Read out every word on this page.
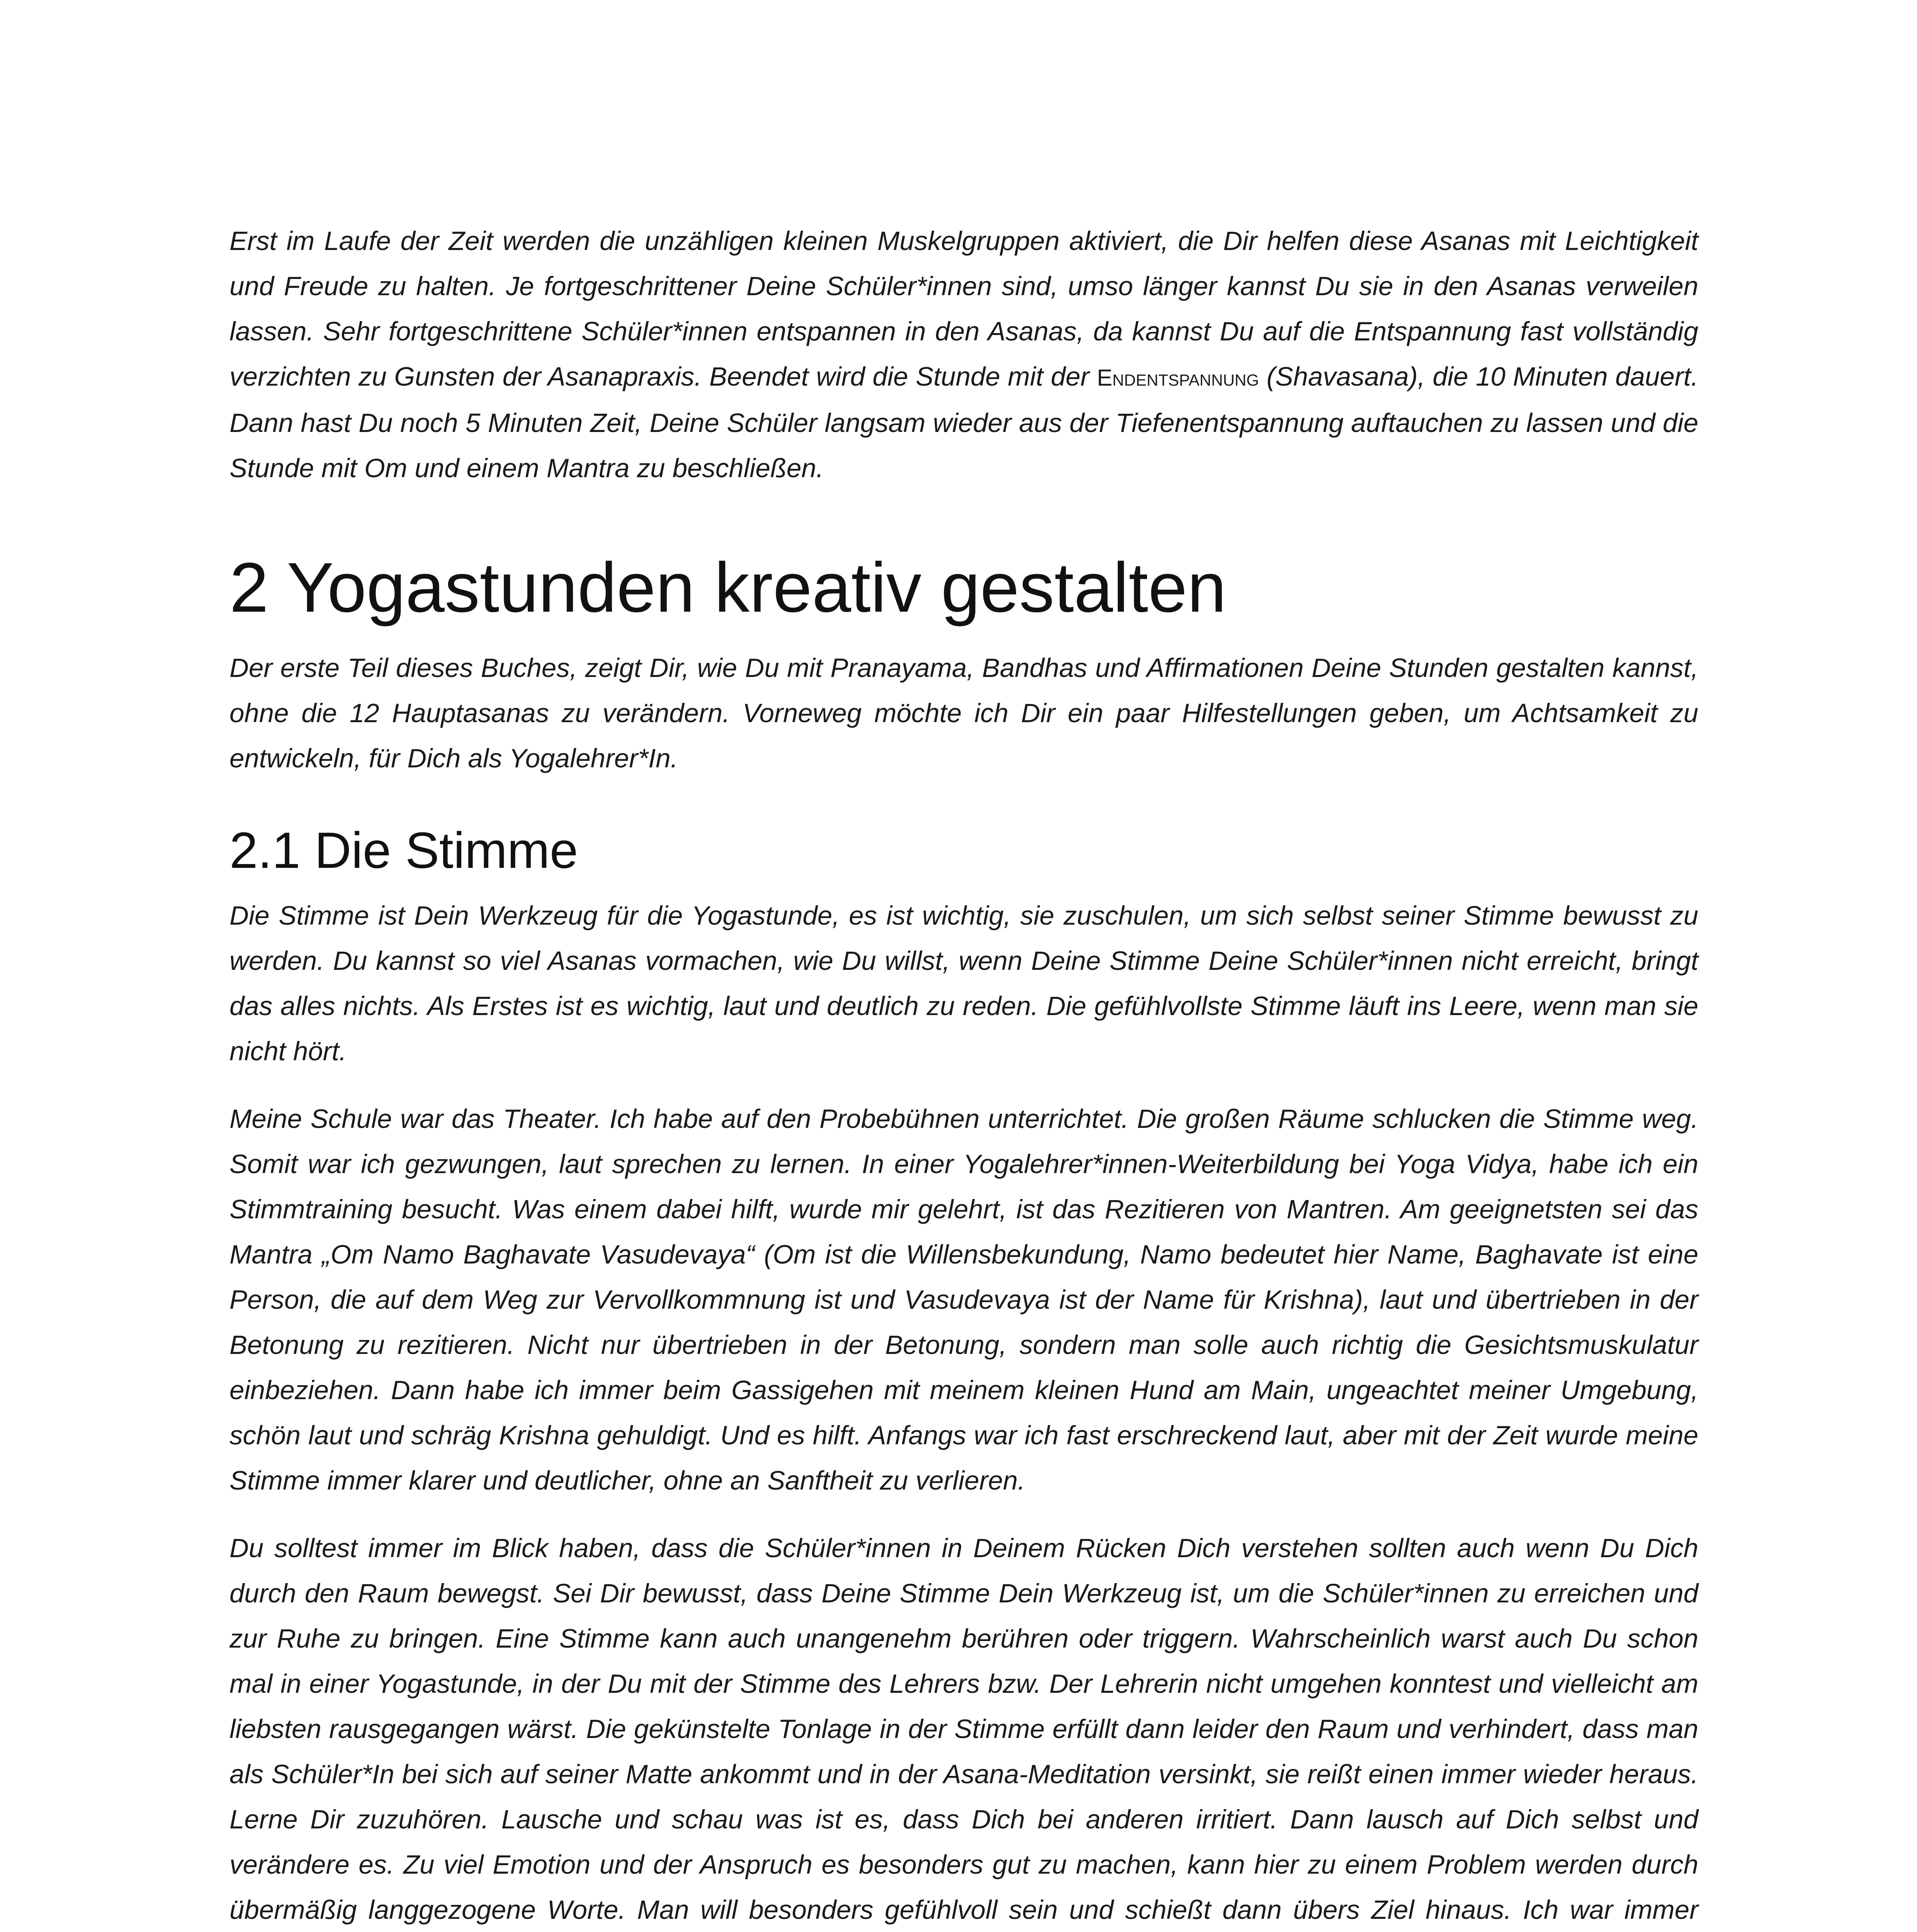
Erst im Laufe der Zeit werden die unzähligen kleinen Muskelgruppen aktiviert, die Dir helfen diese Asanas mit Leichtigkeit und Freude zu halten. Je fortgeschrittener Deine Schüler*innen sind, umso länger kannst Du sie in den Asanas verweilen lassen. Sehr fortgeschrittene Schüler*innen entspannen in den Asanas, da kannst Du auf die Entspannung fast vollständig verzichten zu Gunsten der Asanapraxis. Beendet wird die Stunde mit der Endentspannung (Shavasana), die 10 Minuten dauert. Dann hast Du noch 5 Minuten Zeit, Deine Schüler langsam wieder aus der Tiefenentspannung auftauchen zu lassen und die Stunde mit Om und einem Mantra zu beschließen.

2 Yogastunden kreativ gestalten

Der erste Teil dieses Buches, zeigt Dir, wie Du mit Pranayama, Bandhas und Affirmationen Deine Stunden gestalten kannst, ohne die 12 Hauptasanas zu verändern. Vorneweg möchte ich Dir ein paar Hilfestellungen geben, um Achtsamkeit zu entwickeln, für Dich als Yogalehrer*In.

2.1 Die Stimme

Die Stimme ist Dein Werkzeug für die Yogastunde, es ist wichtig, sie zuschulen, um sich selbst seiner Stimme bewusst zu werden. Du kannst so viel Asanas vormachen, wie Du willst, wenn Deine Stimme Deine Schüler*innen nicht erreicht, bringt das alles nichts. Als Erstes ist es wichtig, laut und deutlich zu reden. Die gefühlvollste Stimme läuft ins Leere, wenn man sie nicht hört.

Meine Schule war das Theater. Ich habe auf den Probebühnen unterrichtet. Die großen Räume schlucken die Stimme weg. Somit war ich gezwungen, laut sprechen zu lernen. In einer Yogalehrer*innen-Weiterbildung bei Yoga Vidya, habe ich ein Stimmtraining besucht. Was einem dabei hilft, wurde mir gelehrt, ist das Rezitieren von Mantren. Am geeignetsten sei das Mantra „Om Namo Baghavate Vasudevaya“ (Om ist die Willensbekundung, Namo bedeutet hier Name, Baghavate ist eine Person, die auf dem Weg zur Vervollkommnung ist und Vasudevaya ist der Name für Krishna), laut und übertrieben in der Betonung zu rezitieren. Nicht nur übertrieben in der Betonung, sondern man solle auch richtig die Gesichtsmuskulatur einbeziehen. Dann habe ich immer beim Gassigehen mit meinem kleinen Hund am Main, ungeachtet meiner Umgebung, schön laut und schräg Krishna gehuldigt. Und es hilft. Anfangs war ich fast erschreckend laut, aber mit der Zeit wurde meine Stimme immer klarer und deutlicher, ohne an Sanftheit zu verlieren.

Du solltest immer im Blick haben, dass die Schüler*innen in Deinem Rücken Dich verstehen sollten auch wenn Du Dich durch den Raum bewegst. Sei Dir bewusst, dass Deine Stimme Dein Werkzeug ist, um die Schüler*innen zu erreichen und zur Ruhe zu bringen. Eine Stimme kann auch unangenehm berühren oder triggern. Wahrscheinlich warst auch Du schon mal in einer Yogastunde, in der Du mit der Stimme des Lehrers bzw. Der Lehrerin nicht umgehen konntest und vielleicht am liebsten rausgegangen wärst. Die gekünstelte Tonlage in der Stimme erfüllt dann leider den Raum und verhindert, dass man als Schüler*In bei sich auf seiner Matte ankommt und in der Asana-Meditation versinkt, sie reißt einen immer wieder heraus. Lerne Dir zuzuhören. Lausche und schau was ist es, dass Dich bei anderen irritiert. Dann lausch auf Dich selbst und verändere es. Zu viel Emotion und der Anspruch es besonders gut zu machen, kann hier zu einem Problem werden durch übermäßig langgezogene Worte. Man will besonders gefühlvoll sein und schießt dann übers Ziel hinaus. Ich war immer
